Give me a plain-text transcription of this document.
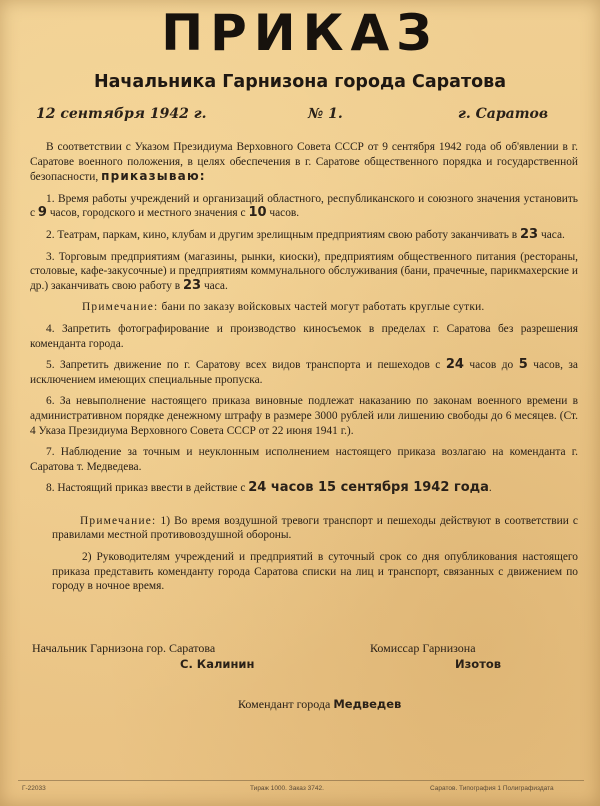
ПРИКАЗ
Начальника Гарнизона города Саратова
12 сентября 1942 г.	№ 1.	г. Саратов

В соответствии с Указом Президиума Верховного Совета СССР от 9 сентября 1942 года об об'явлении в г. Саратове военного положения, в целях обеспечения в г. Саратове общественного порядка и государственной безопасности, приказываю:

1. Время работы учреждений и организаций областного, республиканского и союзного значения установить с 9 часов, городского и местного значения с 10 часов.

2. Театрам, паркам, кино, клубам и другим зрелищным предприятиям свою работу заканчивать в 23 часа.

3. Торговым предприятиям (магазины, рынки, киоски), предприятиям общественного питания (рестораны, столовые, кафе-закусочные) и предприятиям коммунального обслуживания (бани, прачечные, парикмахерские и др.) заканчивать свою работу в 23 часа.

Примечание: бани по заказу войсковых частей могут работать круглые сутки.

4. Запретить фотографирование и производство киносъемок в пределах г. Саратова без разрешения коменданта города.

5. Запретить движение по г. Саратову всех видов транспорта и пешеходов с 24 часов до 5 часов, за исключением имеющих специальные пропуска.

6. За невыполнение настоящего приказа виновные подлежат наказанию по законам военного времени в административном порядке денежному штрафу в размере 3000 рублей или лишению свободы до 6 месяцев. (Ст. 4 Указа Президиума Верховного Совета СССР от 22 июня 1941 г.).

7. Наблюдение за точным и неуклонным исполнением настоящего приказа возлагаю на коменданта г. Саратова т. Медведева.

8. Настоящий приказ ввести в действие с 24 часов 15 сентября 1942 года.

Примечание: 1) Во время воздушной тревоги транспорт и пешеходы действуют в соответствии с правилами местной противовоздушной обороны.

2) Руководителям учреждений и предприятий в суточный срок со дня опубликования настоящего приказа представить коменданту города Саратова списки на лиц и транспорт, связанных с движением по городу в ночное время.

Начальник Гарнизона гор. Саратова
С. Калинин
Комиссар Гарнизона
Изотов
Комендант города Медведев
Г-22033	Тираж 1000. Заказ 3742.	Саратов. Типография 1 Полиграфиздата
